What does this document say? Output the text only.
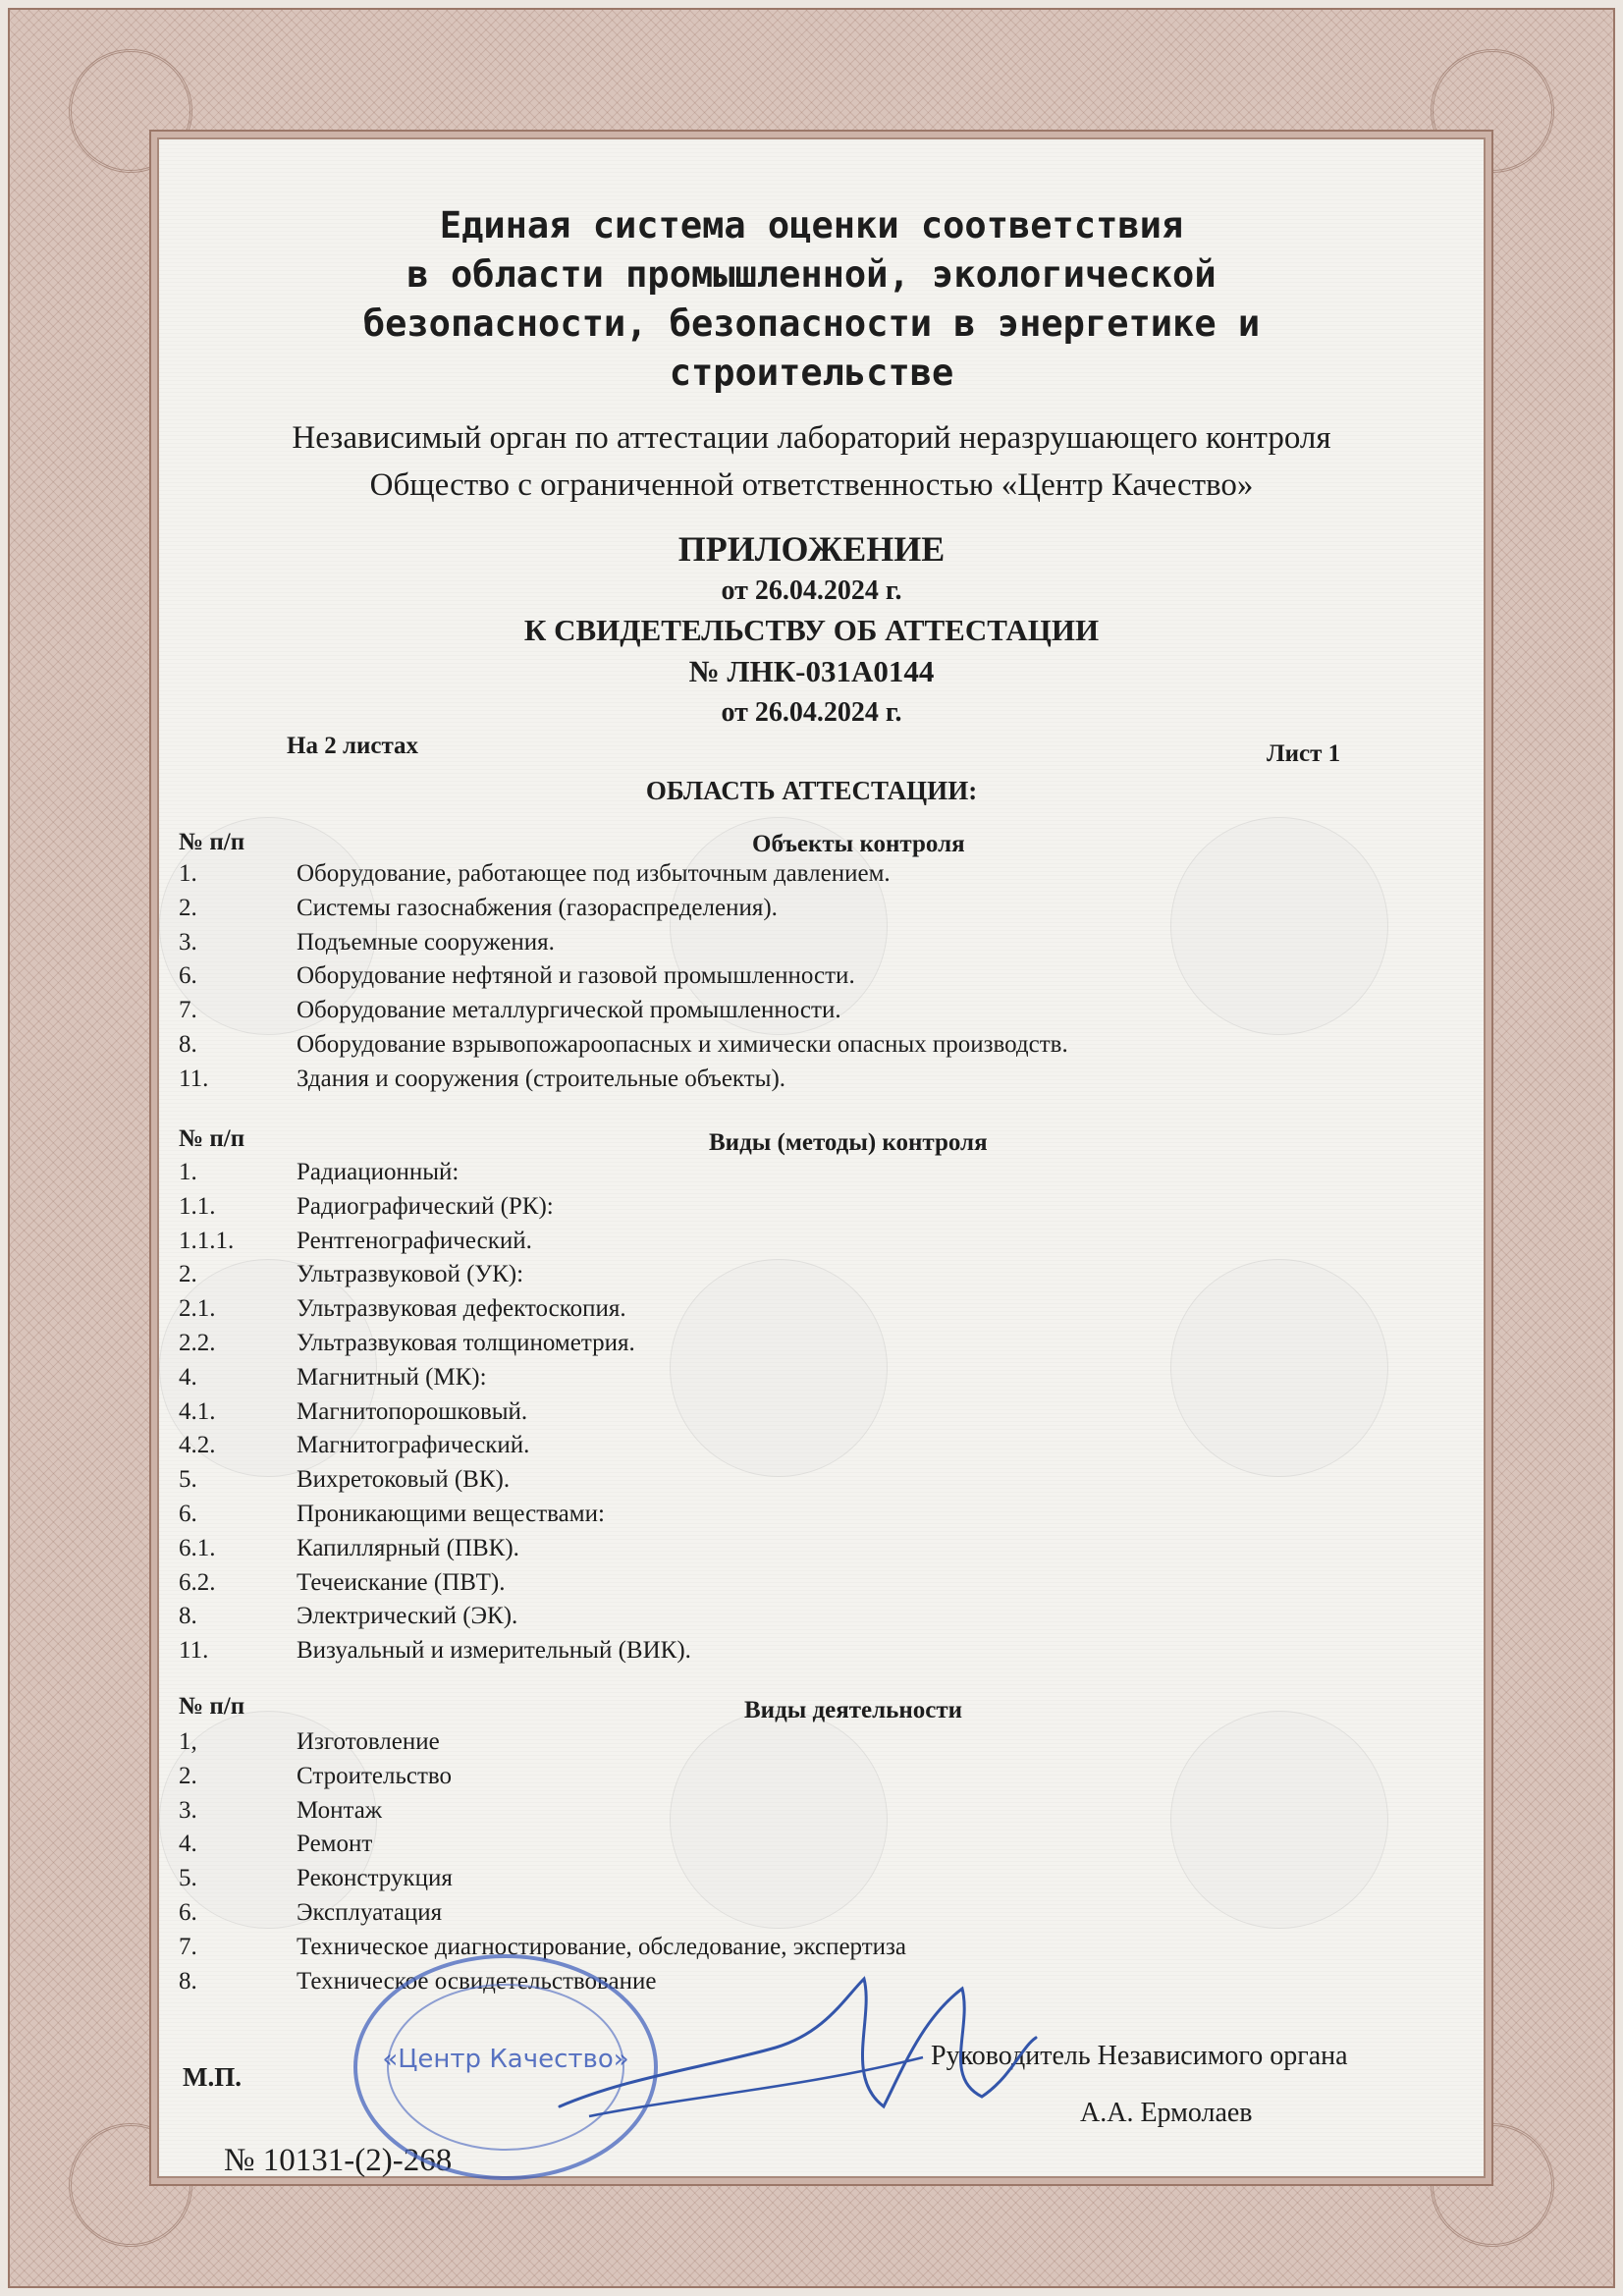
Единая система оценки соответствия
в области промышленной, экологической
безопасности, безопасности в энергетике и
строительстве
Независимый орган по аттестации лабораторий неразрушающего контроля
Общество с ограниченной ответственностью «Центр Качество»
ПРИЛОЖЕНИЕ
от 26.04.2024 г.
К СВИДЕТЕЛЬСТВУ ОБ АТТЕСТАЦИИ
№ ЛНК-031А0144
от 26.04.2024 г.
На 2 листах	Лист 1
ОБЛАСТЬ АТТЕСТАЦИИ:
№ п/п	Объекты контроля
1.	Оборудование, работающее под избыточным давлением.
2.	Системы газоснабжения (газораспределения).
3.	Подъемные сооружения.
6.	Оборудование нефтяной и газовой промышленности.
7.	Оборудование металлургической промышленности.
8.	Оборудование взрывопожароопасных и химически опасных производств.
11.	Здания и сооружения (строительные объекты).
№ п/п	Виды (методы) контроля
1.	Радиационный:
1.1.	Радиографический (РК):
1.1.1.	Рентгенографический.
2.	Ультразвуковой (УК):
2.1.	Ультразвуковая дефектоскопия.
2.2.	Ультразвуковая толщинометрия.
4.	Магнитный (МК):
4.1.	Магнитопорошковый.
4.2.	Магнитографический.
5.	Вихретоковый (ВК).
6.	Проникающими веществами:
6.1.	Капиллярный (ПВК).
6.2.	Течеискание (ПВТ).
8.	Электрический (ЭК).
11.	Визуальный и измерительный (ВИК).
№ п/п	Виды деятельности
1,	Изготовление
2.	Строительство
3.	Монтаж
4.	Ремонт
5.	Реконструкция
6.	Эксплуатация
7.	Техническое диагностирование, обследование, экспертиза
8.	Техническое освидетельствование
М.П.
Руководитель Независимого органа
А.А. Ермолаев
№ 10131-(2)-268
«Центр Качество»
